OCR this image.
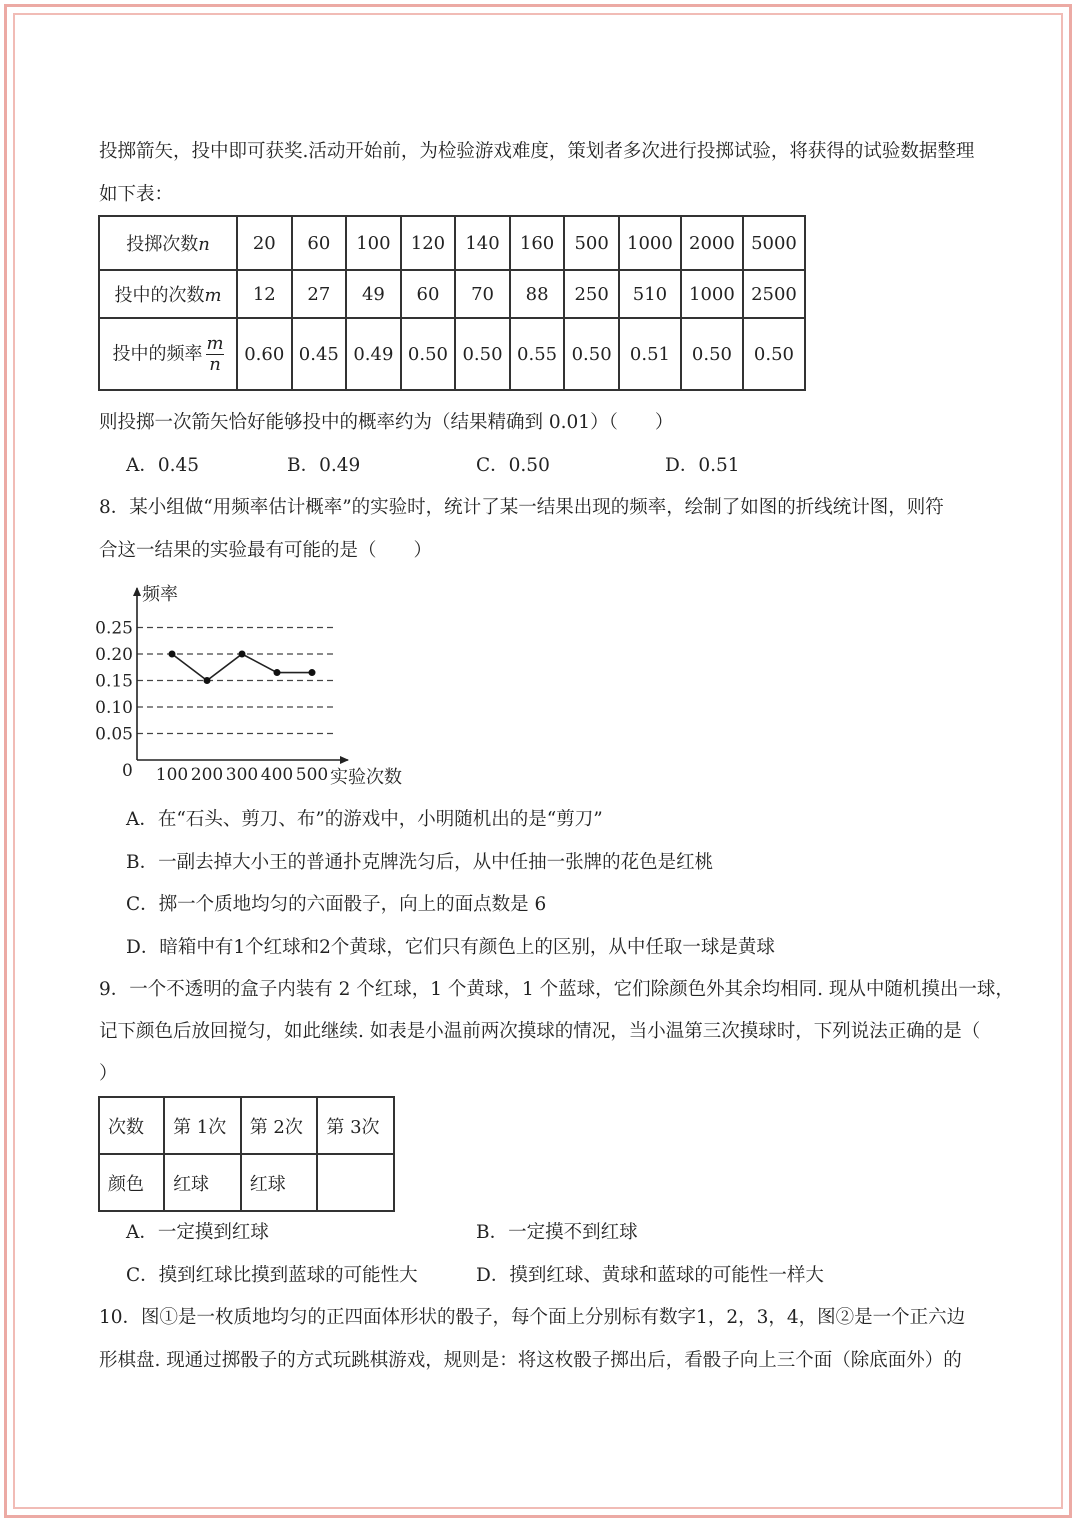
投掷箭矢，投中即可获奖.活动开始前，为检验游戏难度，策划者多次进行投掷试验，将获得的试验数据整理
如下表：
投掷次数n	20	60	100	120	140	160	500	1000	2000	5000
投中的次数m	12	27	49	60	70	88	250	510	1000	2500
投中的频率 $\frac{m}{n}$	0.60	0.45	0.49	0.50	0.50	0.55	0.50	0.51	0.50	0.50
则投掷一次箭矢恰好能够投中的概率约为（结果精确到 0.01）（　　）
A．0.45	B．0.49	C．0.50	D．0.51
8．某小组做“用频率估计概率”的实验时，统计了某一结果出现的频率，绘制了如图的折线统计图，则符
合这一结果的实验最有可能的是（　　）
频率
实验次数
0
0.05
0.10
0.15
0.20
0.25
100 200 300 400 500
A．在“石头、剪刀、布”的游戏中，小明随机出的是“剪刀”
B．一副去掉大小王的普通扑克牌洗匀后，从中任抽一张牌的花色是红桃
C．掷一个质地均匀的六面骰子，向上的面点数是 6
D．暗箱中有1个红球和2个黄球，它们只有颜色上的区别，从中任取一球是黄球
9．一个不透明的盒子内装有 2 个红球，1 个黄球，1 个蓝球，它们除颜色外其余均相同. 现从中随机摸出一球，
记下颜色后放回搅匀，如此继续. 如表是小温前两次摸球的情况，当小温第三次摸球时，下列说法正确的是（
）
次数	第 1次	第 2次	第 3次
颜色	红球	红球	
A．一定摸到红球	B．一定摸不到红球
C．摸到红球比摸到蓝球的可能性大	D．摸到红球、黄球和蓝球的可能性一样大
10．图①是一枚质地均匀的正四面体形状的骰子，每个面上分别标有数字1，2，3，4，图②是一个正六边
形棋盘. 现通过掷骰子的方式玩跳棋游戏，规则是：将这枚骰子掷出后，看骰子向上三个面（除底面外）的
